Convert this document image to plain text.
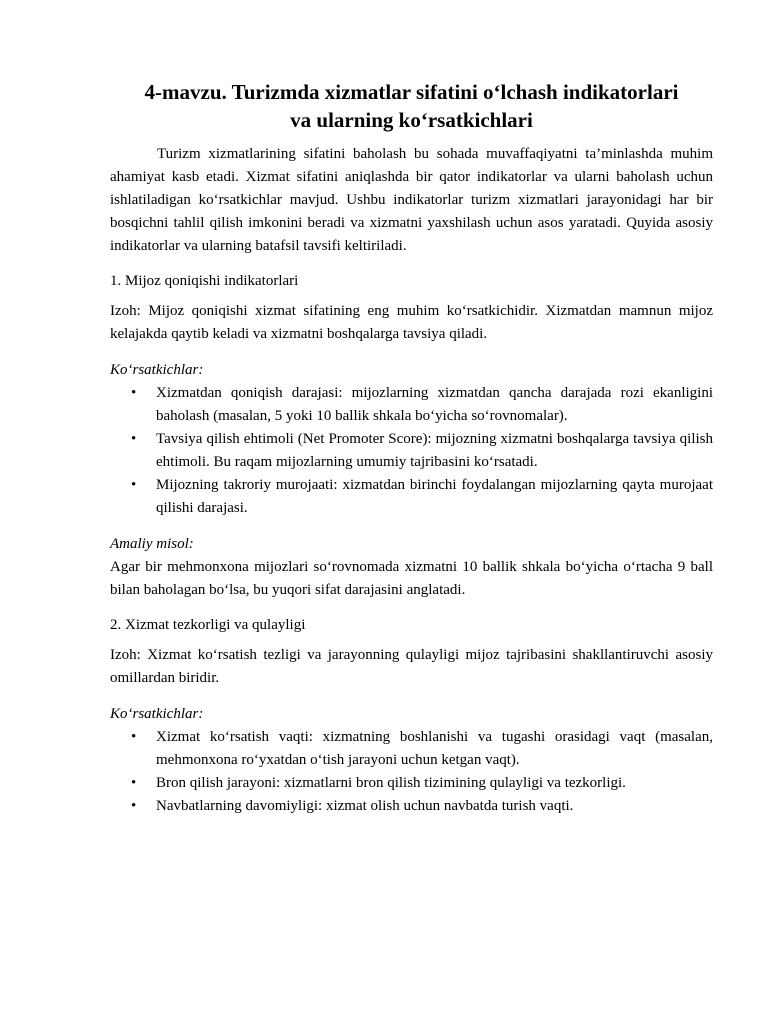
4-mavzu. Turizmda xizmatlar sifatini o‘lchash indikatorlari
va ularning ko‘rsatkichlari

Turizm xizmatlarining sifatini baholash bu sohada muvaffaqiyatni ta’minlashda muhim ahamiyat kasb etadi. Xizmat sifatini aniqlashda bir qator indikatorlar va ularni baholash uchun ishlatiladigan ko‘rsatkichlar mavjud. Ushbu indikatorlar turizm xizmatlari jarayonidagi har bir bosqichni tahlil qilish imkonini beradi va xizmatni yaxshilash uchun asos yaratadi. Quyida asosiy indikatorlar va ularning batafsil tavsifi keltiriladi.

1. Mijoz qoniqishi indikatorlari

Izoh: Mijoz qoniqishi xizmat sifatining eng muhim ko‘rsatkichidir. Xizmatdan mamnun mijoz kelajakda qaytib keladi va xizmatni boshqalarga tavsiya qiladi.

Ko‘rsatkichlar:

• Xizmatdan qoniqish darajasi: mijozlarning xizmatdan qancha darajada rozi ekanligini baholash (masalan, 5 yoki 10 ballik shkala bo‘yicha so‘rovnomalar).
• Tavsiya qilish ehtimoli (Net Promoter Score): mijozning xizmatni boshqalarga tavsiya qilish ehtimoli. Bu raqam mijozlarning umumiy tajribasini ko‘rsatadi.
• Mijozning takroriy murojaati: xizmatdan birinchi foydalangan mijozlarning qayta murojaat qilishi darajasi.

Amaliy misol:

Agar bir mehmonxona mijozlari so‘rovnomada xizmatni 10 ballik shkala bo‘yicha o‘rtacha 9 ball bilan baholagan bo‘lsa, bu yuqori sifat darajasini anglatadi.

2. Xizmat tezkorligi va qulayligi

Izoh: Xizmat ko‘rsatish tezligi va jarayonning qulayligi mijoz tajribasini shakllantiruvchi asosiy omillardan biridir.

Ko‘rsatkichlar:

• Xizmat ko‘rsatish vaqti: xizmatning boshlanishi va tugashi orasidagi vaqt (masalan, mehmonxona ro‘yxatdan o‘tish jarayoni uchun ketgan vaqt).
• Bron qilish jarayoni: xizmatlarni bron qilish tizimining qulayligi va tezkorligi.
• Navbatlarning davomiyligi: xizmat olish uchun navbatda turish vaqti.
